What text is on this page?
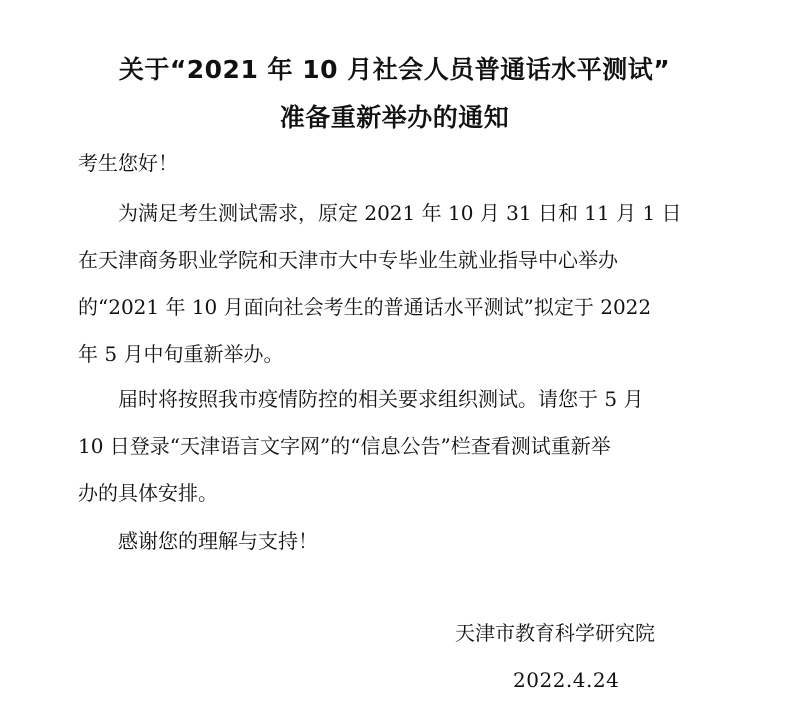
关于“2021 年 10 月社会人员普通话水平测试”
准备重新举办的通知

考生您好！

为满足考生测试需求，原定 2021 年 10 月 31 日和 11 月 1 日

在天津商务职业学院和天津市大中专毕业生就业指导中心举办

的“2021 年 10 月面向社会考生的普通话水平测试”拟定于 2022

年 5 月中旬重新举办。

届时将按照我市疫情防控的相关要求组织测试。请您于 5 月

10 日登录“天津语言文字网”的“信息公告”栏查看测试重新举

办的具体安排。

感谢您的理解与支持！

天津市教育科学研究院
2022.4.24
